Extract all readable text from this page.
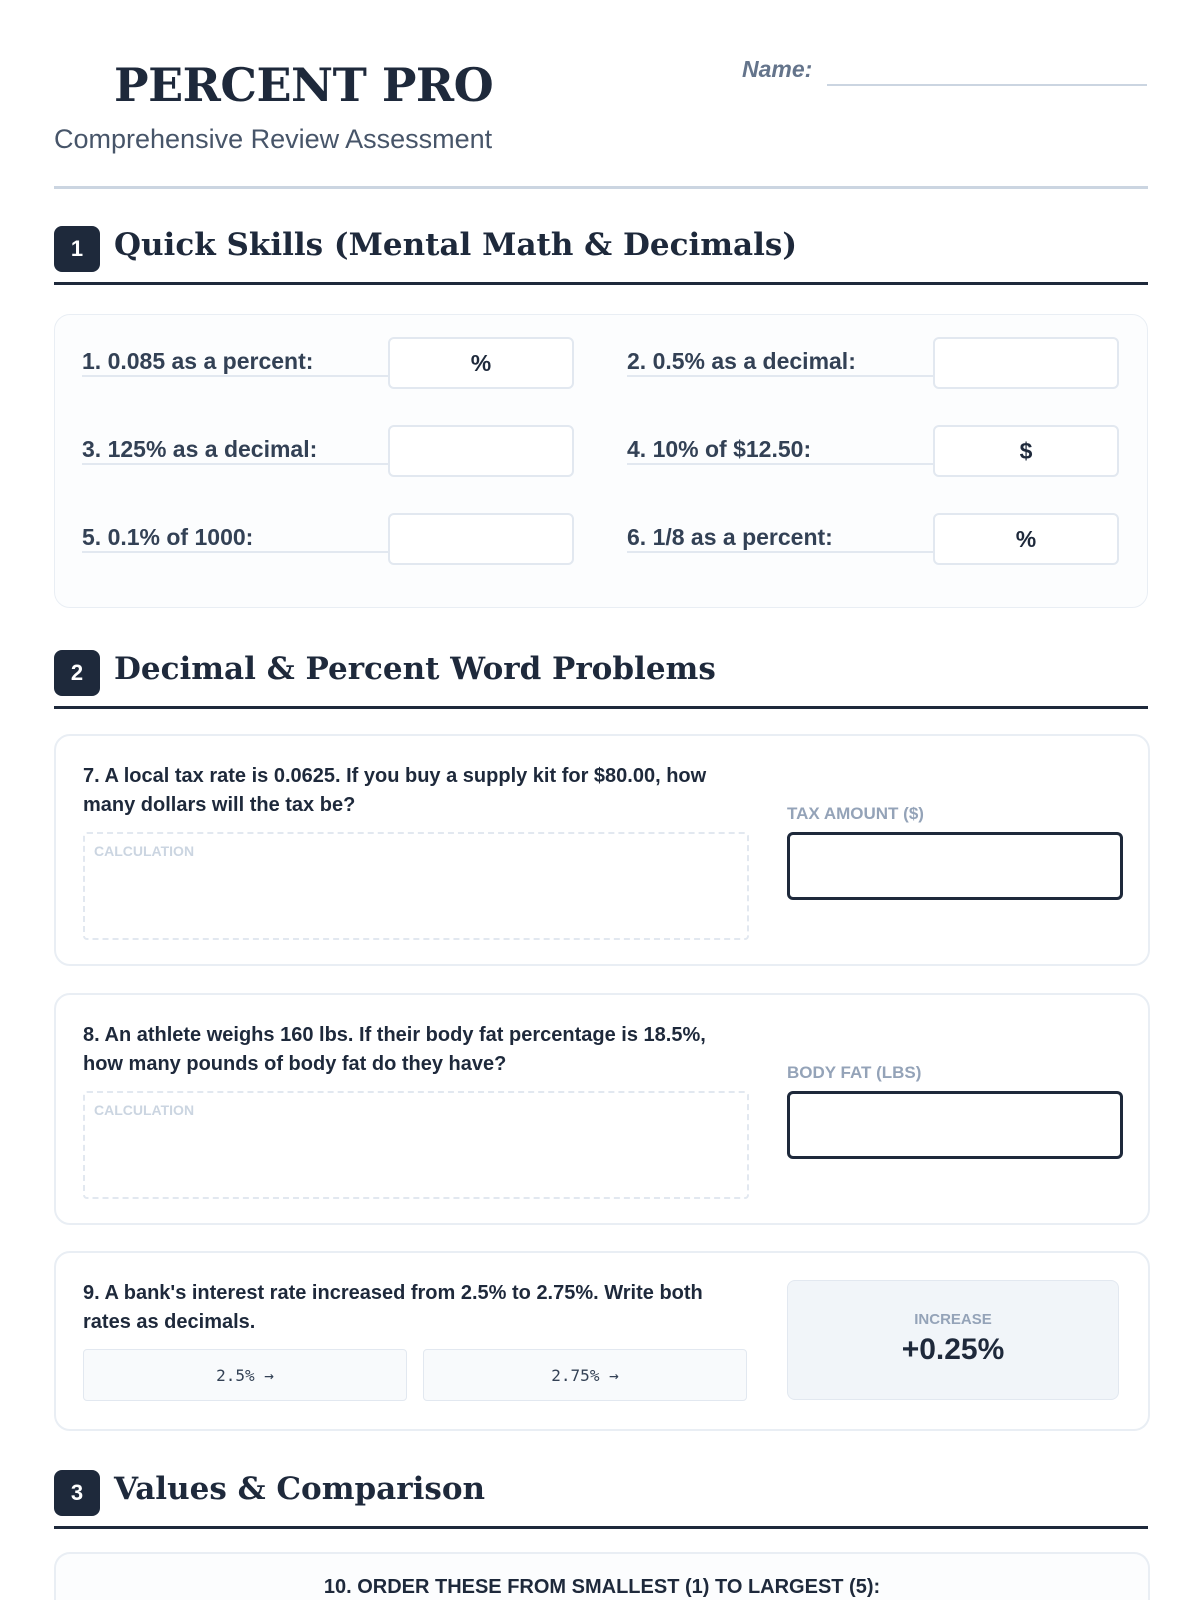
PERCENT PRO
Comprehensive Review Assessment
Name:
1 Quick Skills (Mental Math & Decimals)
1. 0.085 as a percent:	%	2. 0.5% as a decimal:
3. 125% as a decimal:	4. 10% of $12.50:	$
5. 0.1% of 1000:	6. 1/8 as a percent:	%
2 Decimal & Percent Word Problems
7. A local tax rate is 0.0625. If you buy a supply kit for $80.00, how many dollars will the tax be?
CALCULATION
TAX AMOUNT ($)
8. An athlete weighs 160 lbs. If their body fat percentage is 18.5%, how many pounds of body fat do they have?
CALCULATION
BODY FAT (LBS)
9. A bank's interest rate increased from 2.5% to 2.75%. Write both rates as decimals.
2.5% →	2.75% →
INCREASE
+0.25%
3 Values & Comparison
10. ORDER THESE FROM SMALLEST (1) TO LARGEST (5):
